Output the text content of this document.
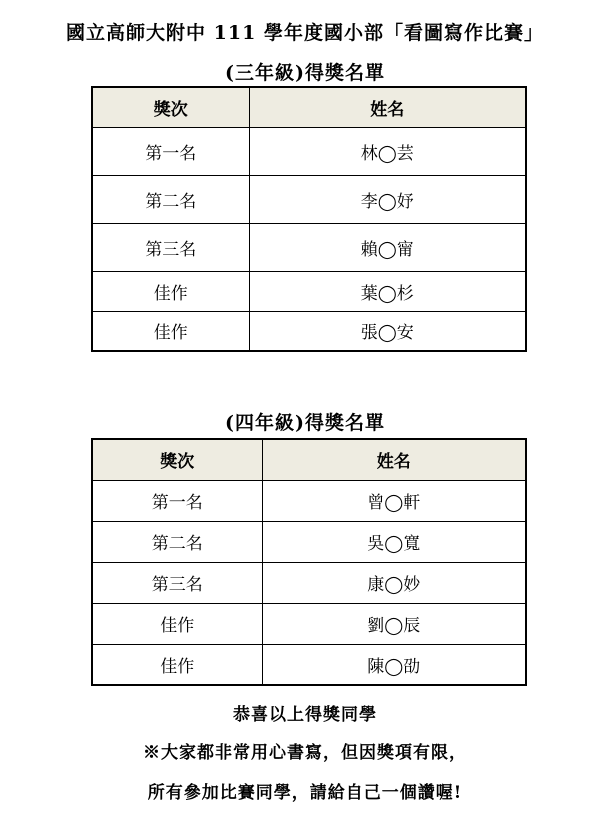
國立高師大附中 111 學年度國小部「看圖寫作比賽」
(三年級)得獎名單
獎次	姓名
第一名	林◯芸
第二名	李◯妤
第三名	賴◯甯
佳作	葉◯杉
佳作	張◯安
(四年級)得獎名單
獎次	姓名
第一名	曾◯軒
第二名	吳◯寬
第三名	康◯妙
佳作	劉◯辰
佳作	陳◯劭
恭喜以上得獎同學
※大家都非常用心書寫，但因獎項有限，
所有參加比賽同學，請給自己一個讚喔!
